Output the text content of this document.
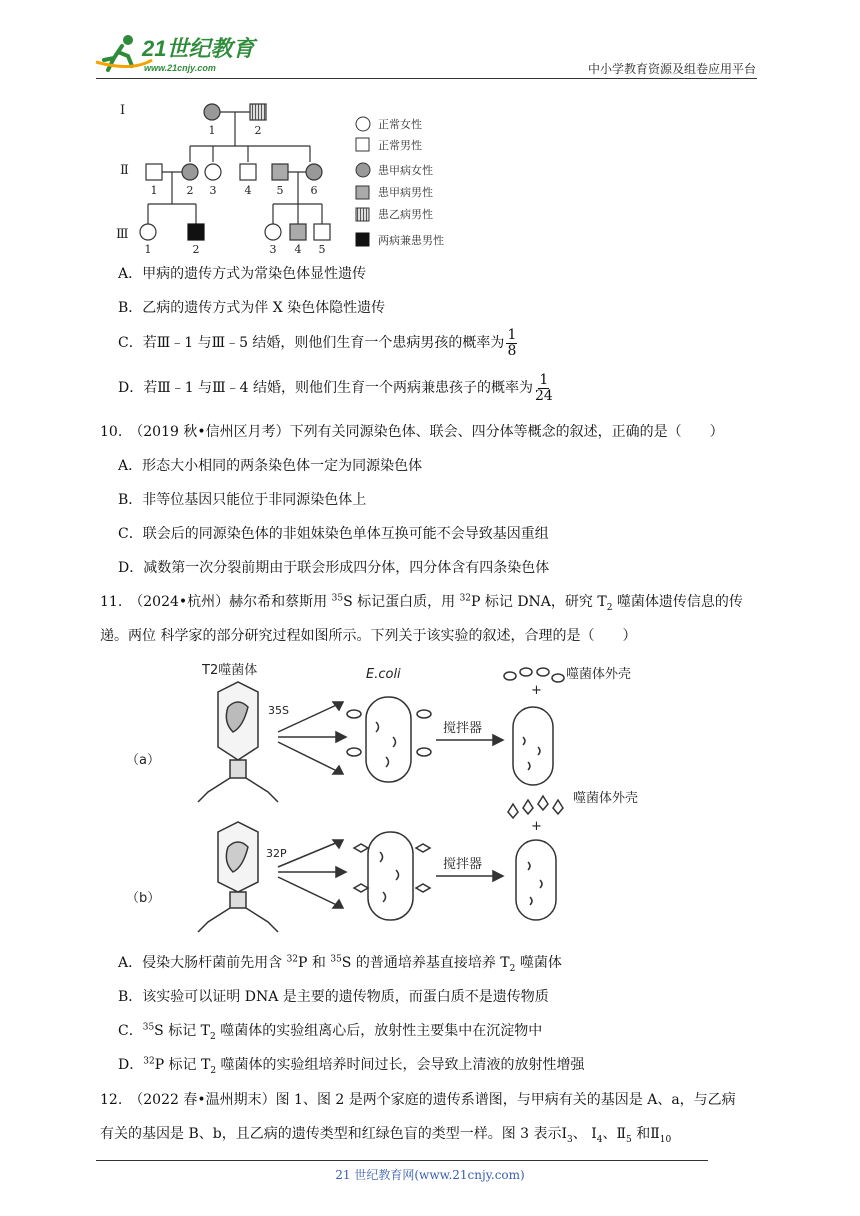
21世纪教育
www.21cnjy.com	中小学教育资源及组卷应用平台
Ⅰ
Ⅱ
Ⅲ
1	2
1	2 3	4 5 6
1	2	3 4 5
正常女性
正常男性
患甲病女性
患甲病男性
患乙病男性
两病兼患男性
A．甲病的遗传方式为常染色体显性遗传
B．乙病的遗传方式为伴 X 染色体隐性遗传
C．若Ⅲ﹣1 与Ⅲ﹣5 结婚，则他们生育一个患病男孩的概率为 $\frac{1}{8}$
D．若Ⅲ﹣1 与Ⅲ﹣4 结婚，则他们生育一个两病兼患孩子的概率为 $\frac{1}{24}$
10.　（2019 秋•信州区月考）下列有关同源染色体、联会、四分体等概念的叙述，正确的是（　　）
A．形态大小相同的两条染色体一定为同源染色体
B．非等位基因只能位于非同源染色体上
C．联会后的同源染色体的非姐妹染色单体互换可能不会导致基因重组
D．减数第一次分裂前期由于联会形成四分体，四分体含有四条染色体
11.　（2024•杭州）赫尔希和蔡斯用 $^{35}$S 标记蛋白质，用 $^{32}$P 标记 DNA，研究 $T_2$ 噬菌体遗传信息的传
递。两位 科学家的部分研究过程如图所示。下列关于该实验的叙述，合理的是（　　）
T2噬菌体
35S
E.coli
搅拌器
噬菌体外壳
+
（a）
32P
搅拌器
噬菌体外壳
+
（b）
A．侵染大肠杆菌前先用含 $^{32}$P 和 $^{35}$S 的普通培养基直接培养 $T_2$ 噬菌体
B．该实验可以证明 DNA 是主要的遗传物质，而蛋白质不是遗传物质
C．$^{35}$S 标记 $T_2$ 噬菌体的实验组离心后，放射性主要集中在沉淀物中
D．$^{32}$P 标记 $T_2$ 噬菌体的实验组培养时间过长，会导致上清液的放射性增强
12.　（2022 春•温州期末）图 1、图 2 是两个家庭的遗传系谱图，与甲病有关的基因是 A、a，与乙病
有关的基因是 B、b，且乙病的遗传类型和红绿色盲的类型一样。图 3 表示$Ⅰ_3$、 $Ⅰ_4$、$Ⅱ_5$ 和$Ⅱ_{10}$
21 世纪教育网(www.21cnjy.com)
